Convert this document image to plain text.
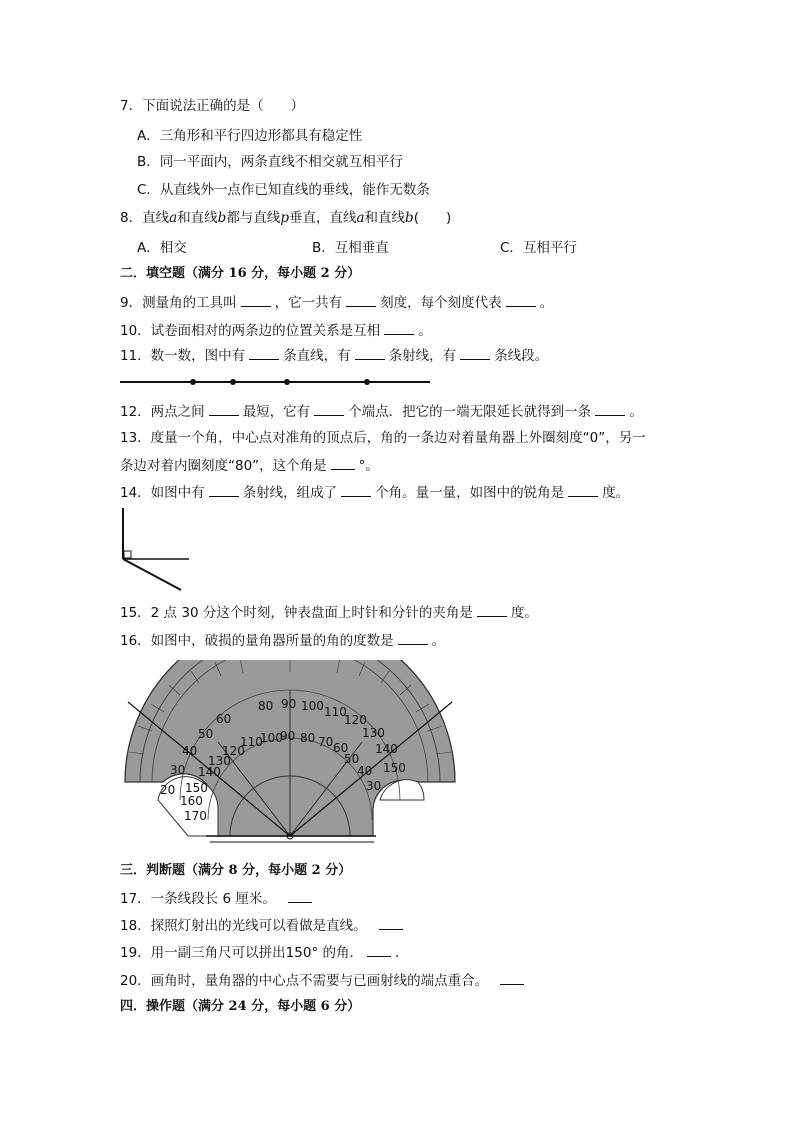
7．下面说法正确的是（　　）
A．三角形和平行四边形都具有稳定性
B．同一平面内，两条直线不相交就互相平行
C．从直线外一点作已知直线的垂线，能作无数条
8．直线a和直线b都与直线p垂直，直线a和直线b(　　)
A．相交	B．互相垂直	C．互相平行
二．填空题（满分 16 分，每小题 2 分）
9．测量角的工具叫	，它一共有	刻度，每个刻度代表	。
10．试卷面相对的两条边的位置关系是互相	。
11．数一数，图中有	条直线，有	条射线，有	条线段。
12．两点之间	最短，它有	个端点．把它的一端无限延长就得到一条	。
13．度量一个角，中心点对准角的顶点后，角的一条边对着量角器上外圈刻度“0”，另一
条边对着内圈刻度“80”，这个角是 °。
14．如图中有	条射线，组成了	个角。量一量，如图中的锐角是	度。
15．2 点 30 分这个时刻，钟表盘面上时针和分针的夹角是	度。
16．如图中，破损的量角器所量的角的度数是	。
80 90 100 110
120
130
140
150
60
50
40
30
20
100
90 80 70 60
50
40
30
110
120
130
140
150
160
170
三．判断题（满分 8 分，每小题 2 分）
17．一条线段长 6 厘米。
18．探照灯射出的光线可以看做是直线。
19．用一副三角尺可以拼出150° 的角． ．
20．画角时，量角器的中心点不需要与已画射线的端点重合。
四．操作题（满分 24 分，每小题 6 分）
